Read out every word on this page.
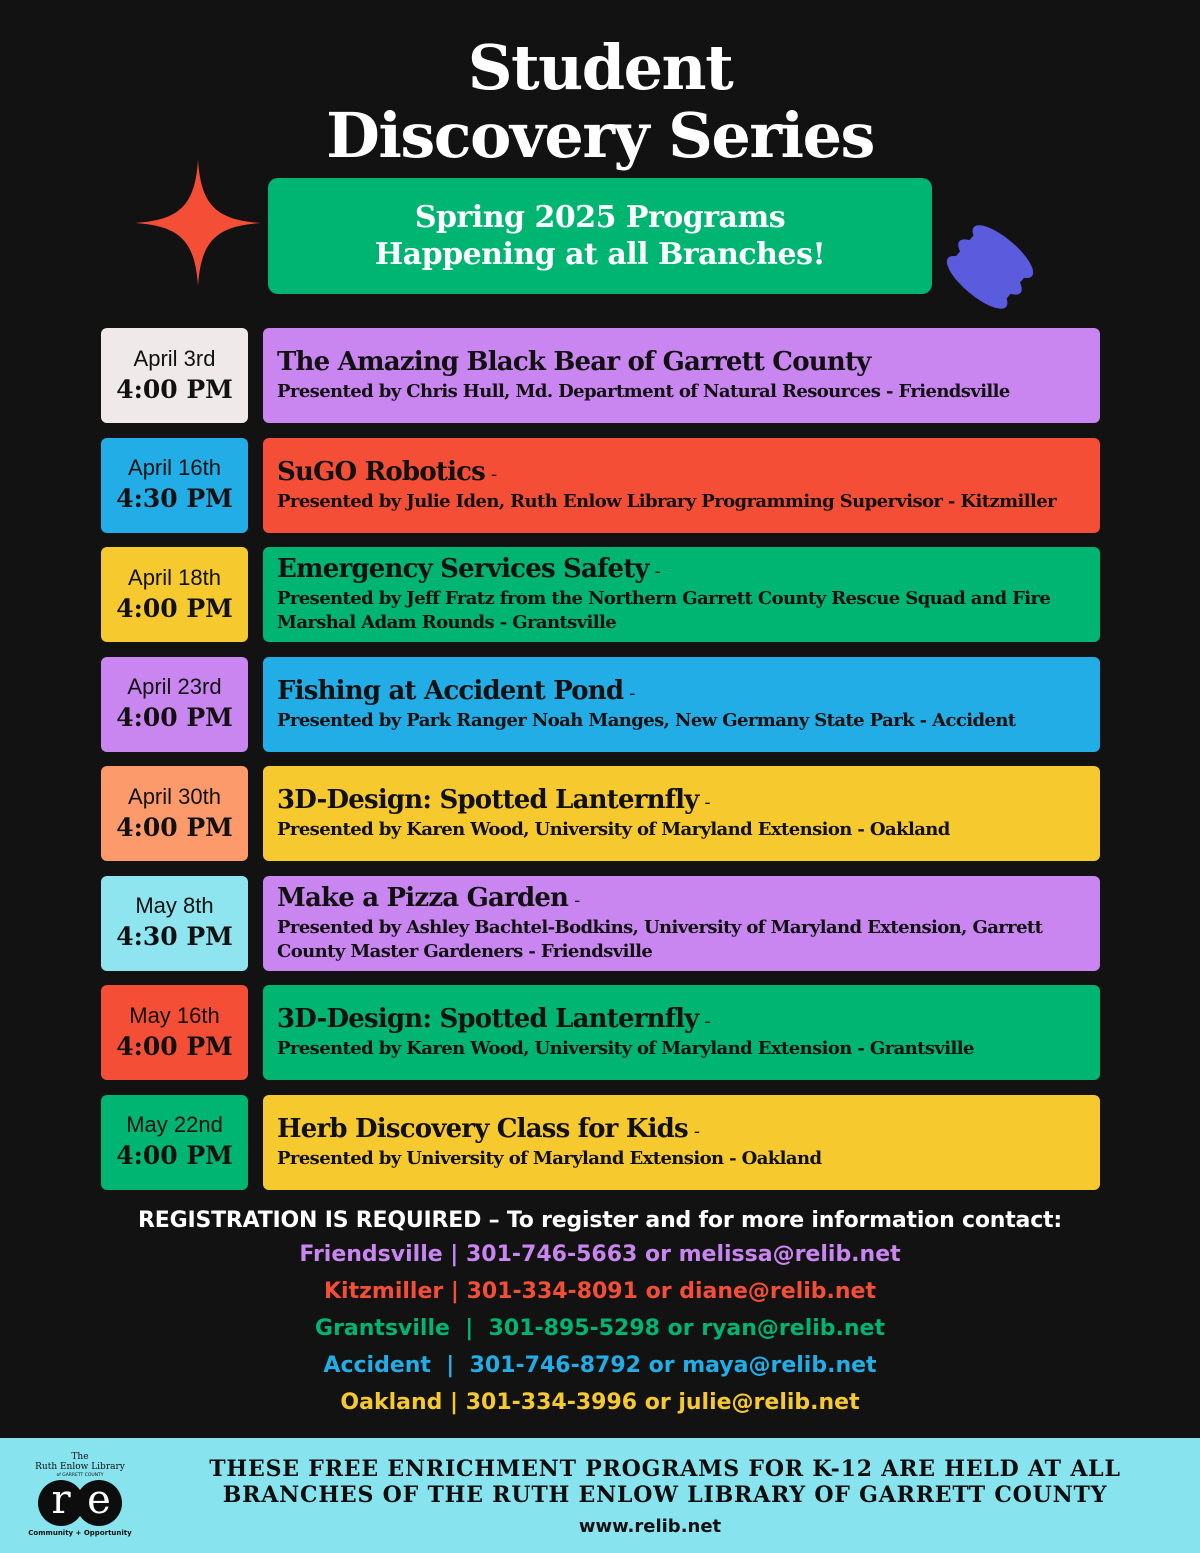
Student
Discovery Series
Spring 2025 Programs
Happening at all Branches!
April 3rd
4:00 PM
The Amazing Black Bear of Garrett County
Presented by Chris Hull, Md. Department of Natural Resources - Friendsville
April 16th
4:30 PM
SuGO Robotics -
Presented by Julie Iden, Ruth Enlow Library Programming Supervisor - Kitzmiller
April 18th
4:00 PM
Emergency Services Safety -
Presented by Jeff Fratz from the Northern Garrett County Rescue Squad and Fire Marshal Adam Rounds - Grantsville
April 23rd
4:00 PM
Fishing at Accident Pond -
Presented by Park Ranger Noah Manges, New Germany State Park - Accident
April 30th
4:00 PM
3D-Design: Spotted Lanternfly -
Presented by Karen Wood, University of Maryland Extension - Oakland
May 8th
4:30 PM
Make a Pizza Garden -
Presented by Ashley Bachtel-Bodkins, University of Maryland Extension, Garrett County Master Gardeners - Friendsville
May 16th
4:00 PM
3D-Design: Spotted Lanternfly -
Presented by Karen Wood, University of Maryland Extension - Grantsville
May 22nd
4:00 PM
Herb Discovery Class for Kids -
Presented by University of Maryland Extension - Oakland
REGISTRATION IS REQUIRED – To register and for more information contact:
Friendsville | 301-746-5663 or melissa@relib.net
Kitzmiller | 301-334-8091 or diane@relib.net
Grantsville  |  301-895-5298 or ryan@relib.net
Accident  |  301-746-8792 or maya@relib.net
Oakland | 301-334-3996 or julie@relib.net
The
Ruth Enlow Library
of GARRETT COUNTY
r e
Community + Opportunity
THESE FREE ENRICHMENT PROGRAMS FOR K-12 ARE HELD AT ALL
BRANCHES OF THE RUTH ENLOW LIBRARY OF GARRETT COUNTY
www.relib.net
